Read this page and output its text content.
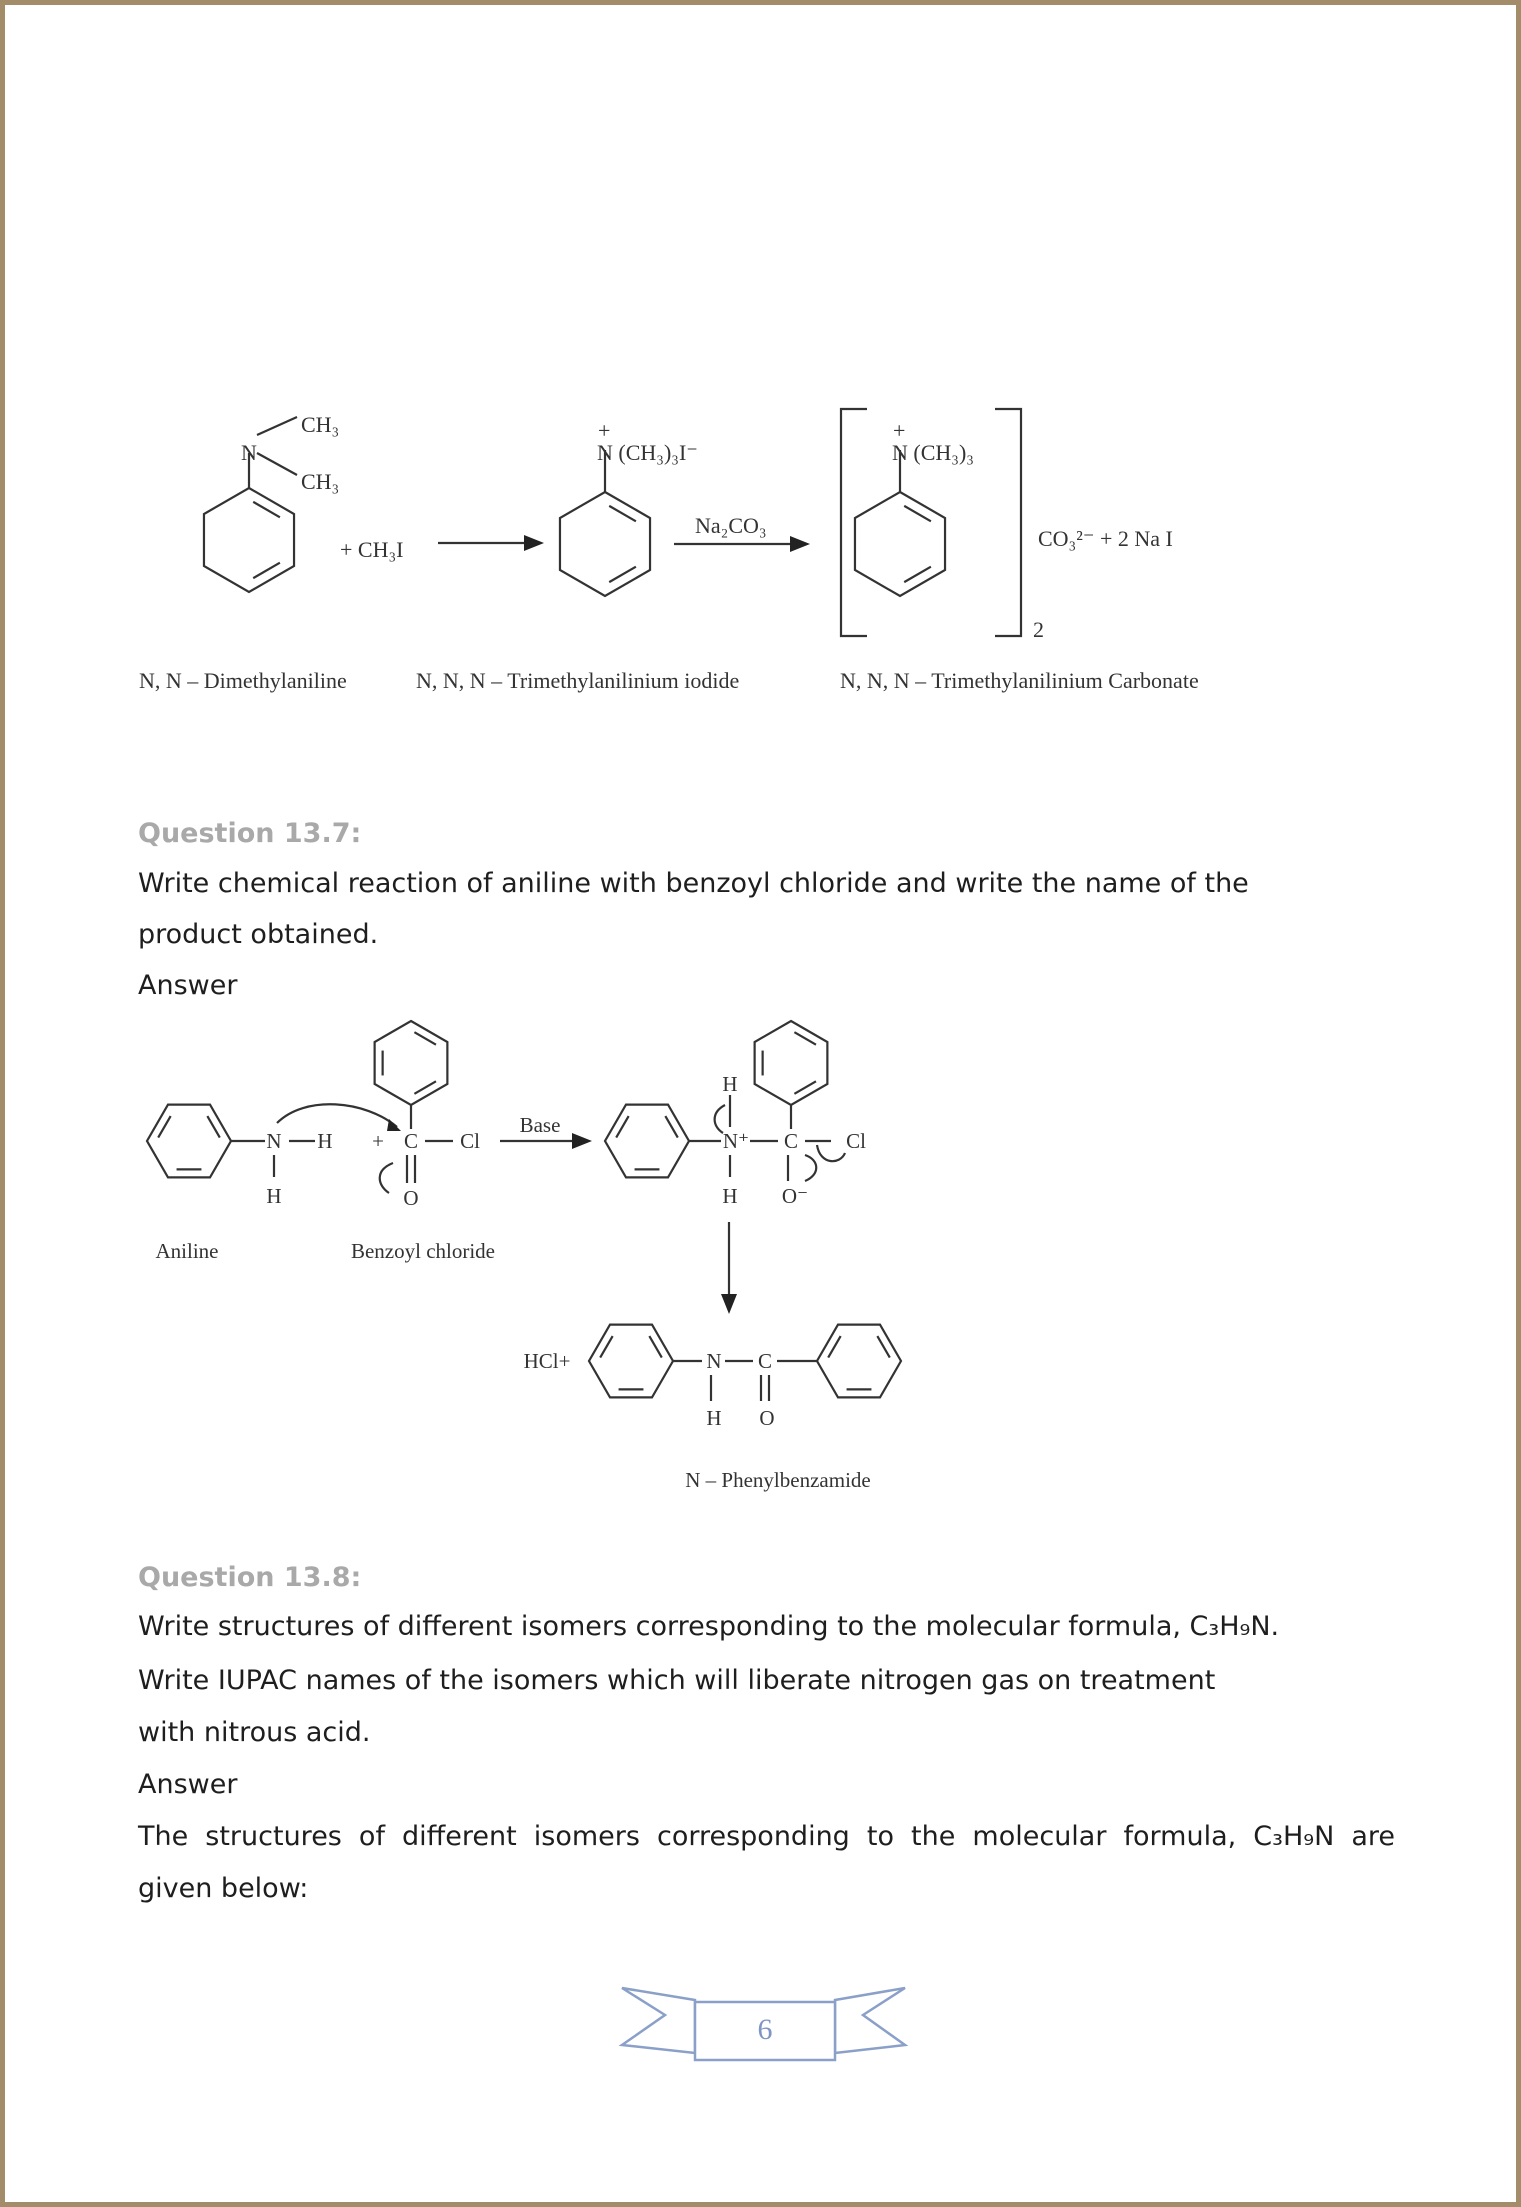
N
CH₃
CH₃
+ CH₃I
+
N (CH₃)₃I⁻
Na₂CO₃
+
N (CH₃)₃
2
CO₃²⁻ + 2 Na I
N, N – Dimethylaniline	N, N, N – Trimethylanilinium iodide	N, N, N – Trimethylanilinium Carbonate
N H
H
+ C Cl
O
Base
N⁺
H
H
C Cl
O⁻
HCl+	N C
H O
Aniline	Benzoyl chloride
N – Phenylbenzamide
Question 13.7:
Write chemical reaction of aniline with benzoyl chloride and write the name of the
product obtained.
Answer
Question 13.8:
Write structures of different isomers corresponding to the molecular formula, C₃H₉N.
Write IUPAC names of the isomers which will liberate nitrogen gas on treatment
with nitrous acid.
Answer
The structures of different isomers corresponding to the molecular formula, C₃H₉N are
given below:
6
